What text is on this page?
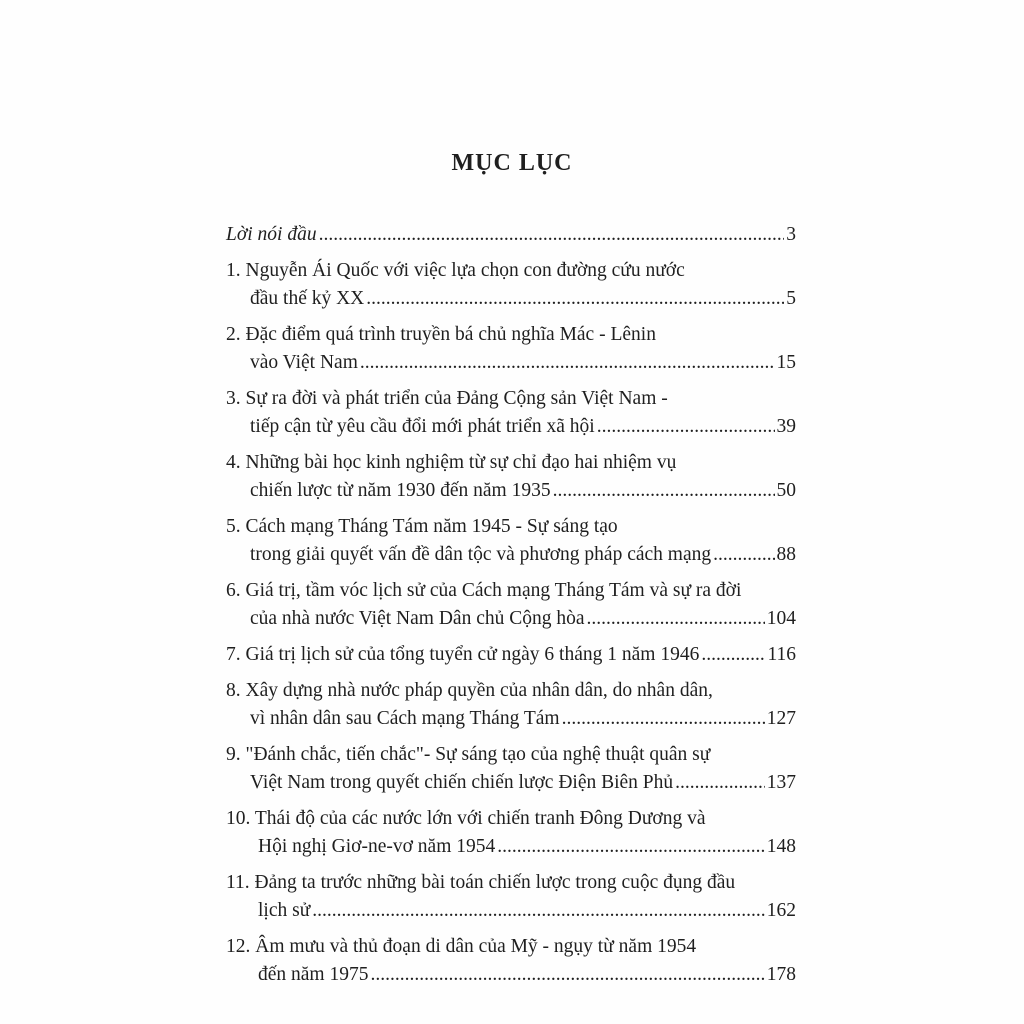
MỤC LỤC
Lời nói đầu .....	3
1. Nguyễn Ái Quốc với việc lựa chọn con đường cứu nước
đầu thế kỷ XX .....	5
2. Đặc điểm quá trình truyền bá chủ nghĩa Mác - Lênin
vào Việt Nam .....	15
3. Sự ra đời và phát triển của Đảng Cộng sản Việt Nam -
tiếp cận từ yêu cầu đổi mới phát triển xã hội .....	39
4. Những bài học kinh nghiệm từ sự chỉ đạo hai nhiệm vụ
chiến lược từ năm 1930 đến năm 1935 .....	50
5. Cách mạng Tháng Tám năm 1945 - Sự sáng tạo
trong giải quyết vấn đề dân tộc và phương pháp cách mạng .....	88
6. Giá trị, tầm vóc lịch sử của Cách mạng Tháng Tám và sự ra đời
của nhà nước Việt Nam Dân chủ Cộng hòa .....	104
7. Giá trị lịch sử của tổng tuyển cử ngày 6 tháng 1 năm 1946 .....	116
8. Xây dựng nhà nước pháp quyền của nhân dân, do nhân dân,
vì nhân dân sau Cách mạng Tháng Tám .....	127
9. "Đánh chắc, tiến chắc"- Sự sáng tạo của nghệ thuật quân sự
Việt Nam trong quyết chiến chiến lược Điện Biên Phủ .....	137
10. Thái độ của các nước lớn với chiến tranh Đông Dương và
Hội nghị Giơ-ne-vơ năm 1954 .....	148
11. Đảng ta trước những bài toán chiến lược trong cuộc đụng đầu
lịch sử .....	162
12. Âm mưu và thủ đoạn di dân của Mỹ - ngụy từ năm 1954
đến năm 1975 .....	178
